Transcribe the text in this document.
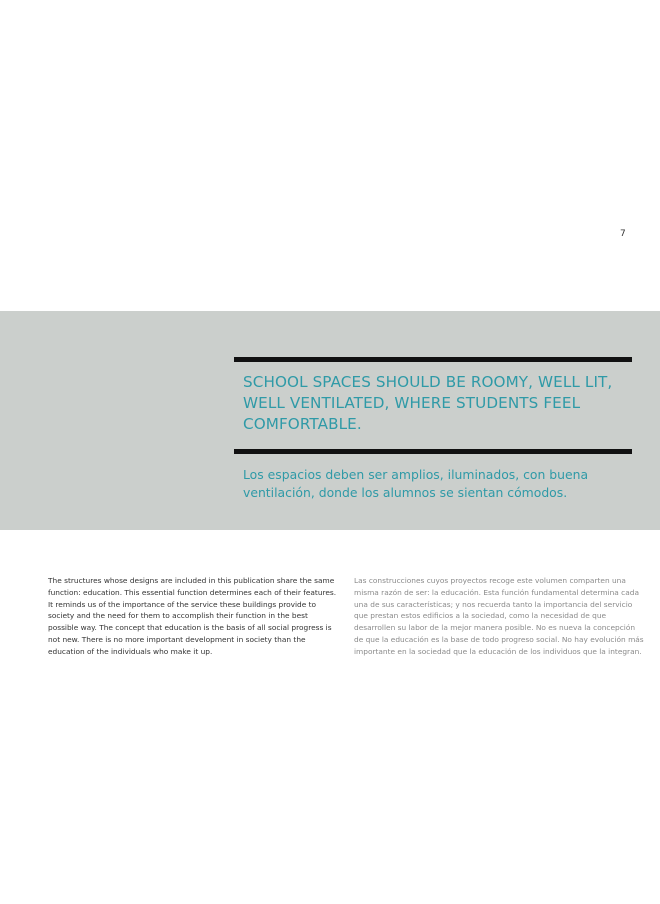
7
SCHOOL SPACES SHOULD BE ROOMY, WELL LIT, WELL VENTILATED, WHERE STUDENTS FEEL COMFORTABLE.

Los espacios deben ser amplios, iluminados, con buena ventilación, donde los alumnos se sientan cómodos.

The structures whose designs are included in this publication share the same function: education. This essential function determines each of their features. It reminds us of the importance of the service these buildings provide to society and the need for them to accomplish their function in the best possible way. The concept that education is the basis of all social progress is not new. There is no more important development in society than the education of the individuals who make it up.

Las construcciones cuyos proyectos recoge este volumen comparten una misma razón de ser: la educación. Esta función fundamental determina cada una de sus características; y nos recuerda tanto la importancia del servicio que prestan estos edificios a la sociedad, como la necesidad de que desarrollen su labor de la mejor manera posible. No es nueva la concepción de que la educación es la base de todo progreso social. No hay evolución más importante en la sociedad que la educación de los individuos que la integran.
